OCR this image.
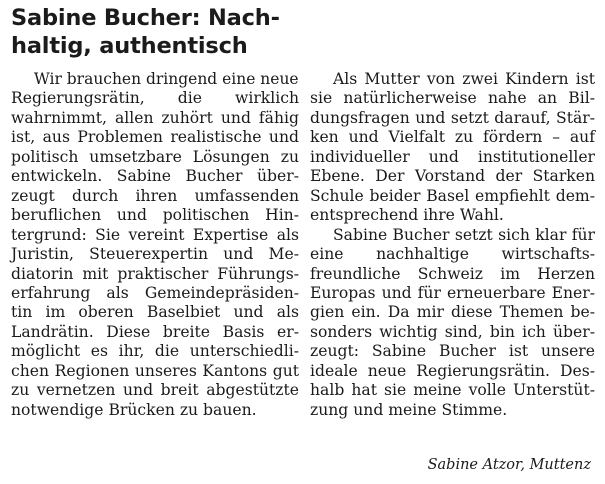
Sabine Bucher: Nach-
haltig, authentisch
Wir brauchen dringend eine neue
Regierungsrätin, die wirklich
wahrnimmt, allen zuhört und fähig
ist, aus Problemen realistische und
politisch umsetzbare Lösungen zu
entwickeln. Sabine Bucher über-
zeugt durch ihren umfassenden
beruflichen und politischen Hin-
tergrund: Sie vereint Expertise als
Juristin, Steuerexpertin und Me-
diatorin mit praktischer Führungs-
erfahrung als Gemeindepräsiden-
tin im oberen Baselbiet und als
Landrätin. Diese breite Basis er-
möglicht es ihr, die unterschiedli-
chen Regionen unseres Kantons gut
zu vernetzen und breit abgestützte
notwendige Brücken zu bauen.
Als Mutter von zwei Kindern ist
sie natürlicherweise nahe an Bil-
dungsfragen und setzt darauf, Stär-
ken und Vielfalt zu fördern – auf
individueller und institutioneller
Ebene. Der Vorstand der Starken
Schule beider Basel empfiehlt dem-
entsprechend ihre Wahl.
Sabine Bucher setzt sich klar für
eine nachhaltige wirtschafts-
freundliche Schweiz im Herzen
Europas und für erneuerbare Ener-
gien ein. Da mir diese Themen be-
sonders wichtig sind, bin ich über-
zeugt: Sabine Bucher ist unsere
ideale neue Regierungsrätin. Des-
halb hat sie meine volle Unterstüt-
zung und meine Stimme.
Sabine Atzor, Muttenz
